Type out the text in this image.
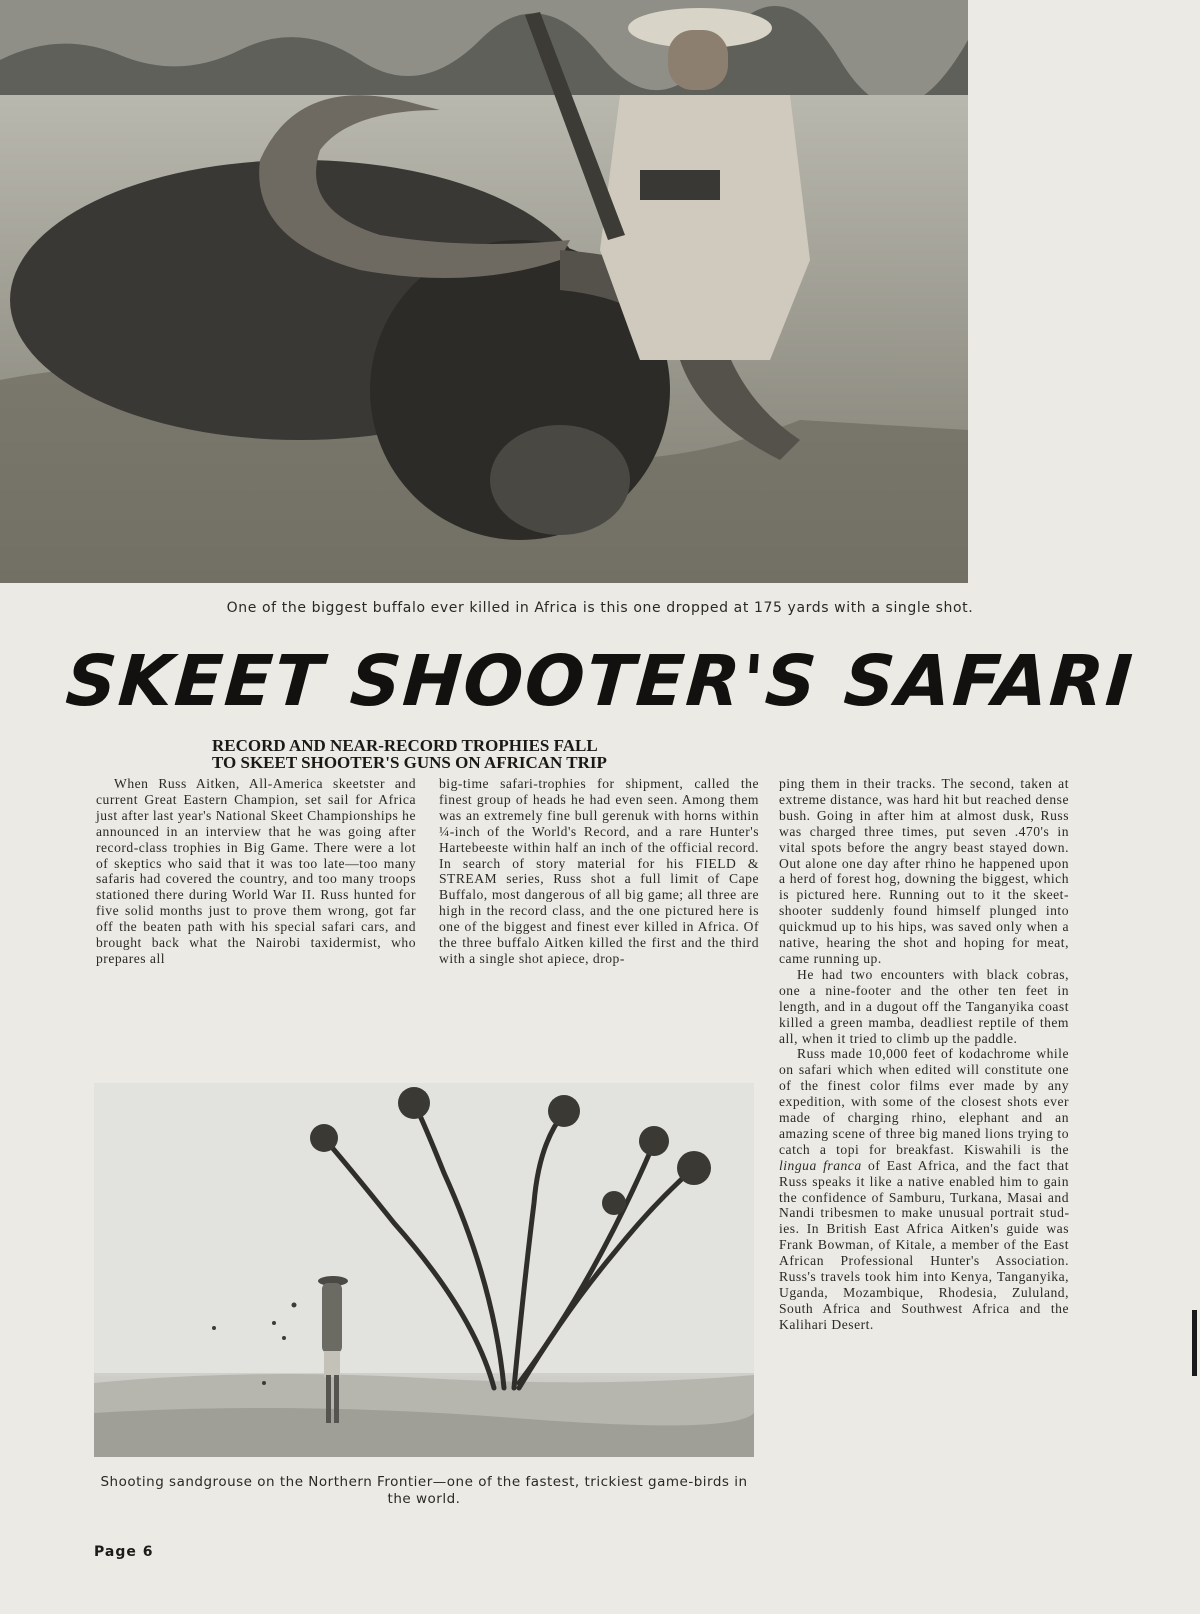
One of the biggest buffalo ever killed in Africa is this one dropped at 175 yards with a single shot.
SKEET SHOOTER'S SAFARI
RECORD AND NEAR-RECORD TROPHIES FALL
TO SKEET SHOOTER'S GUNS ON AFRICAN TRIP

When Russ Aitken, All-America skeetster and current Great Eastern Champion, set sail for Africa just after last year's National Skeet Championships he announced in an interview that he was going after record-class trophies in Big Game. There were a lot of skeptics who said that it was too late—too many safaris had covered the country, and too many troops stationed there during World War II. Russ hunted for five solid months just to prove them wrong, got far off the beaten path with his special safari cars, and brought back what the Nairobi taxidermist, who prepares all

big-time safari-trophies for shipment, called the finest group of heads he had even seen. Among them was an extremely fine bull gerenuk with horns within ¼-inch of the World's Record, and a rare Hunter's Hartebeeste within half an inch of the official record. In search of story material for his FIELD & STREAM series, Russ shot a full limit of Cape Buffalo, most dangerous of all big game; all three are high in the record class, and the one pictured here is one of the biggest and finest ever killed in Africa. Of the three buffalo Aitken killed the first and the third with a single shot apiece, drop-

ping them in their tracks. The second, taken at extreme distance, was hard hit but reached dense bush. Going in after him at almost dusk, Russ was charged three times, put seven .470's in vital spots before the angry beast stayed down. Out alone one day after rhino he happened upon a herd of forest hog, downing the biggest, which is pictured here. Running out to it the skeet-shooter suddenly found himself plunged into quickmud up to his hips, was saved only when a native, hearing the shot and hoping for meat, came running up.

He had two encounters with black cobras, one a nine-footer and the other ten feet in length, and in a dugout off the Tanganyika coast killed a green mamba, deadliest reptile of them all, when it tried to climb up the paddle.

Russ made 10,000 feet of kodachrome while on safari which when edited will constitute one of the finest color films ever made by any expedition, with some of the closest shots ever made of charging rhino, elephant and an amazing scene of three big maned lions trying to catch a topi for breakfast. Kiswahili is the lingua franca of East Africa, and the fact that Russ speaks it like a native enabled him to gain the confidence of Samburu, Turkana, Masai and Nandi tribesmen to make unusual portrait studies. In British East Africa Aitken's guide was Frank Bowman, of Kitale, a member of the East African Professional Hunter's Association. Russ's travels took him into Kenya, Tanganyika, Uganda, Mozambique, Rhodesia, Zululand, South Africa and Southwest Africa and the Kalihari Desert.

Shooting sandgrouse on the Northern Frontier—one of the fastest, trickiest game-birds in the world.
Page 6
